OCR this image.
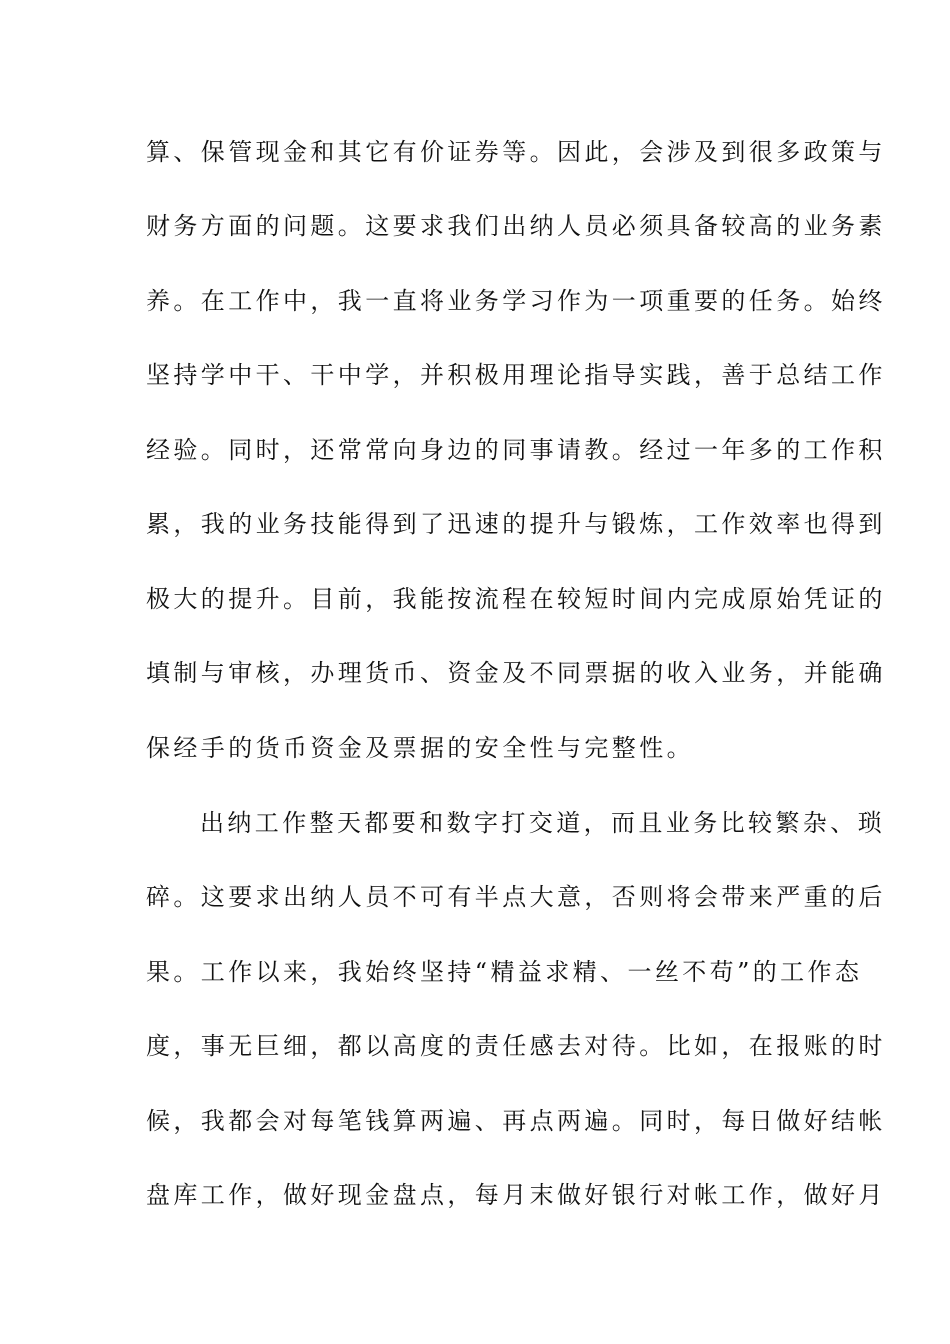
算、保管现金和其它有价证券等。因此，会涉及到很多政策与
财务方面的问题。这要求我们出纳人员必须具备较高的业务素
养。在工作中，我一直将业务学习作为一项重要的任务。始终
坚持学中干、干中学，并积极用理论指导实践，善于总结工作
经验。同时，还常常向身边的同事请教。经过一年多的工作积
累，我的业务技能得到了迅速的提升与锻炼，工作效率也得到
极大的提升。目前，我能按流程在较短时间内完成原始凭证的
填制与审核，办理货币、资金及不同票据的收入业务，并能确
保经手的货币资金及票据的安全性与完整性。
出纳工作整天都要和数字打交道，而且业务比较繁杂、琐
碎。这要求出纳人员不可有半点大意，否则将会带来严重的后
果。工作以来，我始终坚持“精益求精、一丝不苟”的工作态
度，事无巨细，都以高度的责任感去对待。比如，在报账的时
候，我都会对每笔钱算两遍、再点两遍。同时，每日做好结帐
盘库工作，做好现金盘点，每月末做好银行对帐工作，做好月
